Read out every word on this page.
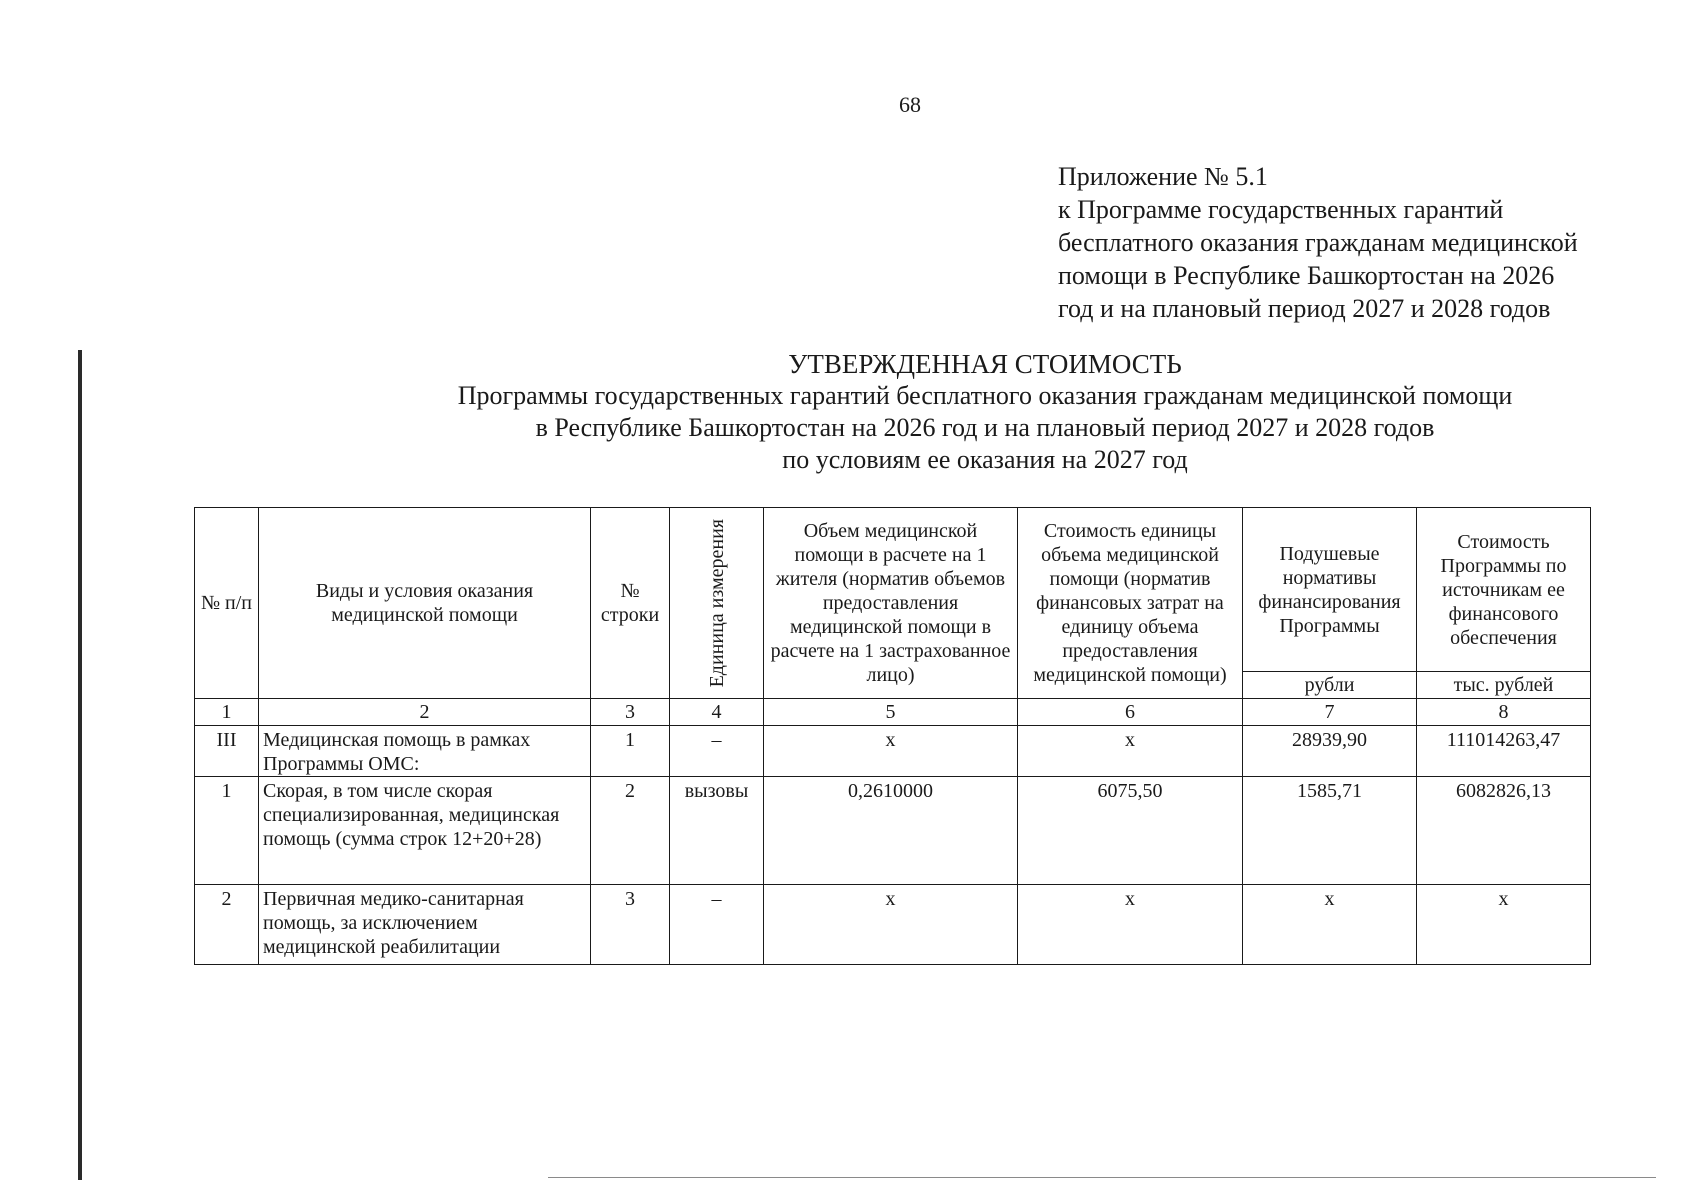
68
Приложение № 5.1
к Программе государственных гарантий
бесплатного оказания гражданам медицинской
помощи в Республике Башкортостан на 2026
год и на плановый период 2027 и 2028 годов
УТВЕРЖДЕННАЯ СТОИМОСТЬ
Программы государственных гарантий бесплатного оказания гражданам медицинской помощи
в Республике Башкортостан на 2026 год и на плановый период 2027 и 2028 годов
по условиям ее оказания на 2027 год
№ п/п	Виды и условия оказания медицинской помощи	№ строки	Единица измерения	Объем медицинской помощи в расчете на 1 жителя (норматив объемов предоставления медицинской помощи в расчете на 1 застрахованное лицо)	Стоимость единицы объема медицинской помощи (норматив финансовых затрат на единицу объема предоставления медицинской помощи)	Подушевые нормативы финансирования Программы	Стоимость Программы по источникам ее финансового обеспечения
						рубли	тыс. рублей
1	2	3	4	5	6	7	8
III	Медицинская помощь в рамках Программы ОМС:	1	–	x	x	28939,90	111014263,47
1	Скорая, в том числе скорая специализированная, медицинская помощь (сумма строк 12+20+28)	2	вызовы	0,2610000	6075,50	1585,71	6082826,13
2	Первичная медико-санитарная помощь, за исключением медицинской реабилитации	3	–	x	x	x	x
